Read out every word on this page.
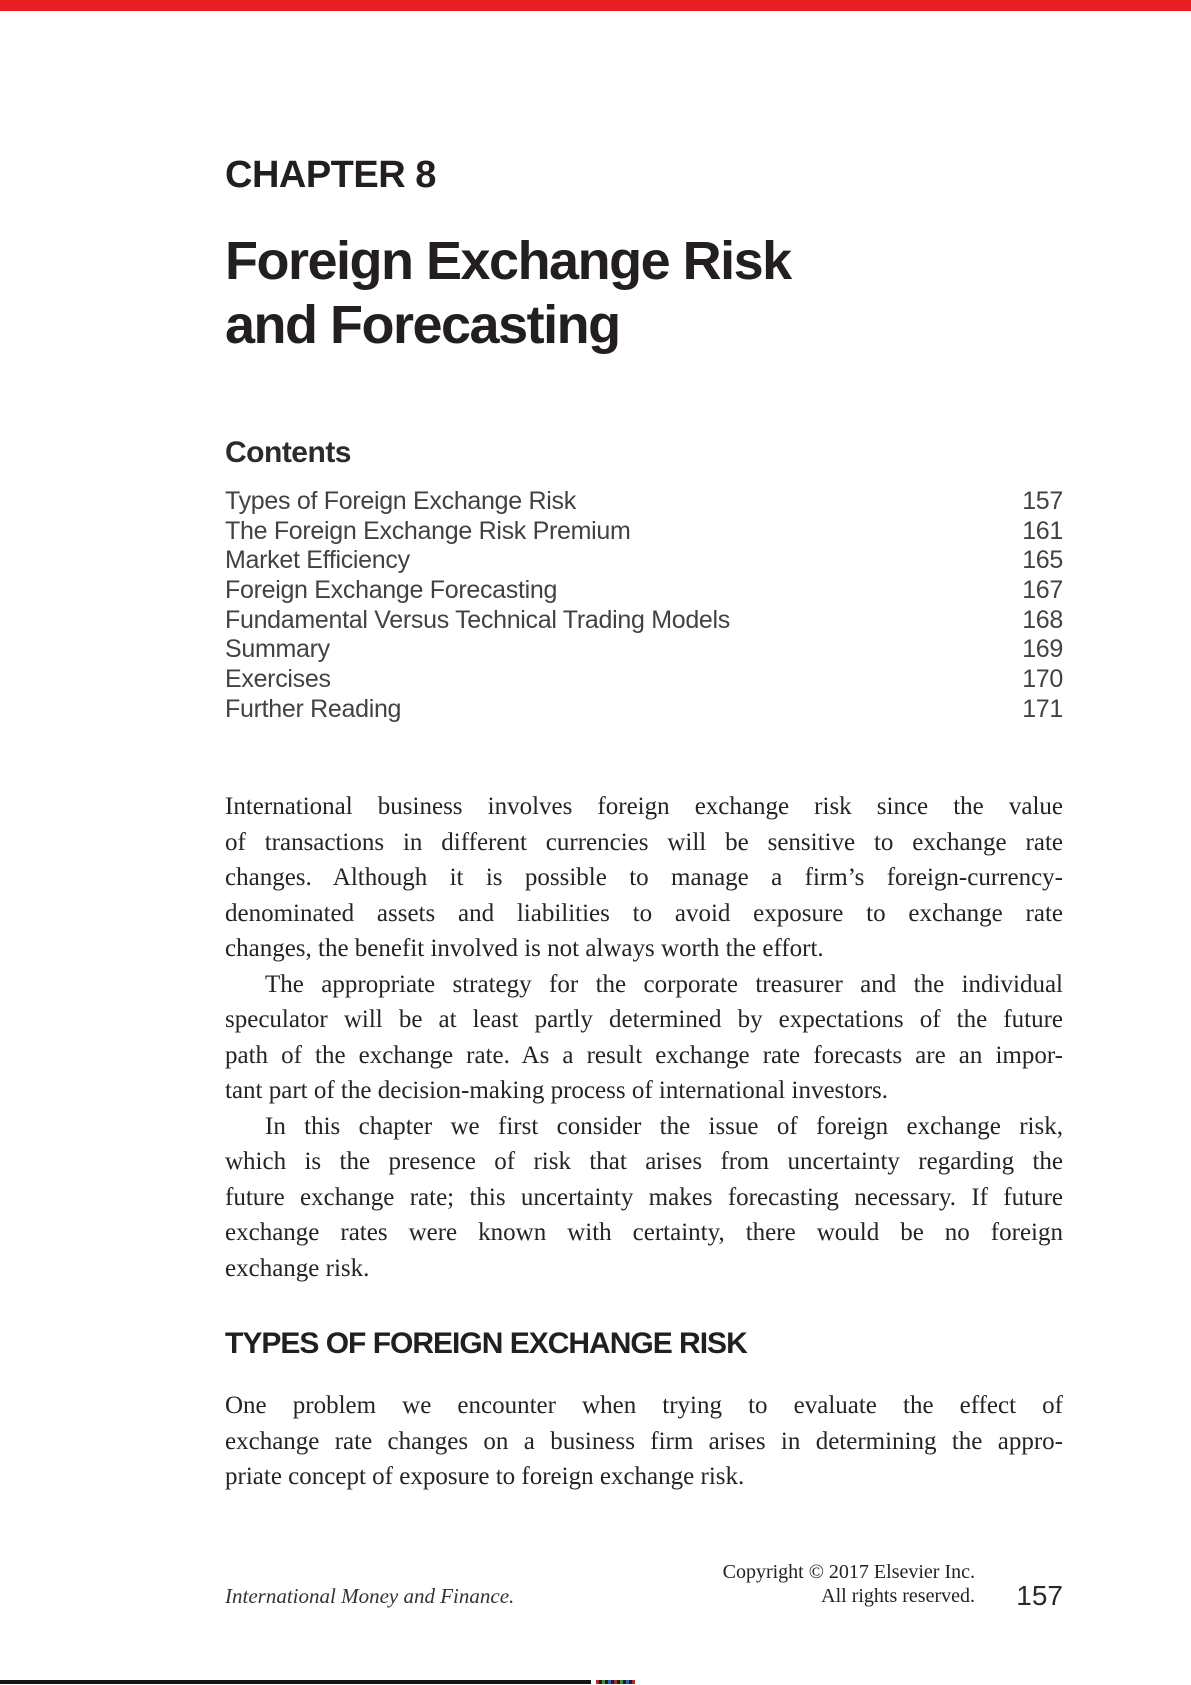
CHAPTER 8
Foreign Exchange Risk
and Forecasting
Contents
Types of Foreign Exchange Risk	157
The Foreign Exchange Risk Premium	161
Market Efficiency	165
Foreign Exchange Forecasting	167
Fundamental Versus Technical Trading Models	168
Summary	169
Exercises	170
Further Reading	171
International business involves foreign exchange risk since the value
of transactions in different currencies will be sensitive to exchange rate
changes. Although it is possible to manage a firm’s foreign-currency-
denominated assets and liabilities to avoid exposure to exchange rate
changes, the benefit involved is not always worth the effort.
The appropriate strategy for the corporate treasurer and the individual
speculator will be at least partly determined by expectations of the future
path of the exchange rate. As a result exchange rate forecasts are an impor-
tant part of the decision-making process of international investors.
In this chapter we first consider the issue of foreign exchange risk,
which is the presence of risk that arises from uncertainty regarding the
future exchange rate; this uncertainty makes forecasting necessary. If future
exchange rates were known with certainty, there would be no foreign
exchange risk.
TYPES OF FOREIGN EXCHANGE RISK
One problem we encounter when trying to evaluate the effect of
exchange rate changes on a business firm arises in determining the appro-
priate concept of exposure to foreign exchange risk.
International Money and Finance.
Copyright © 2017 Elsevier Inc.
All rights reserved. 157
